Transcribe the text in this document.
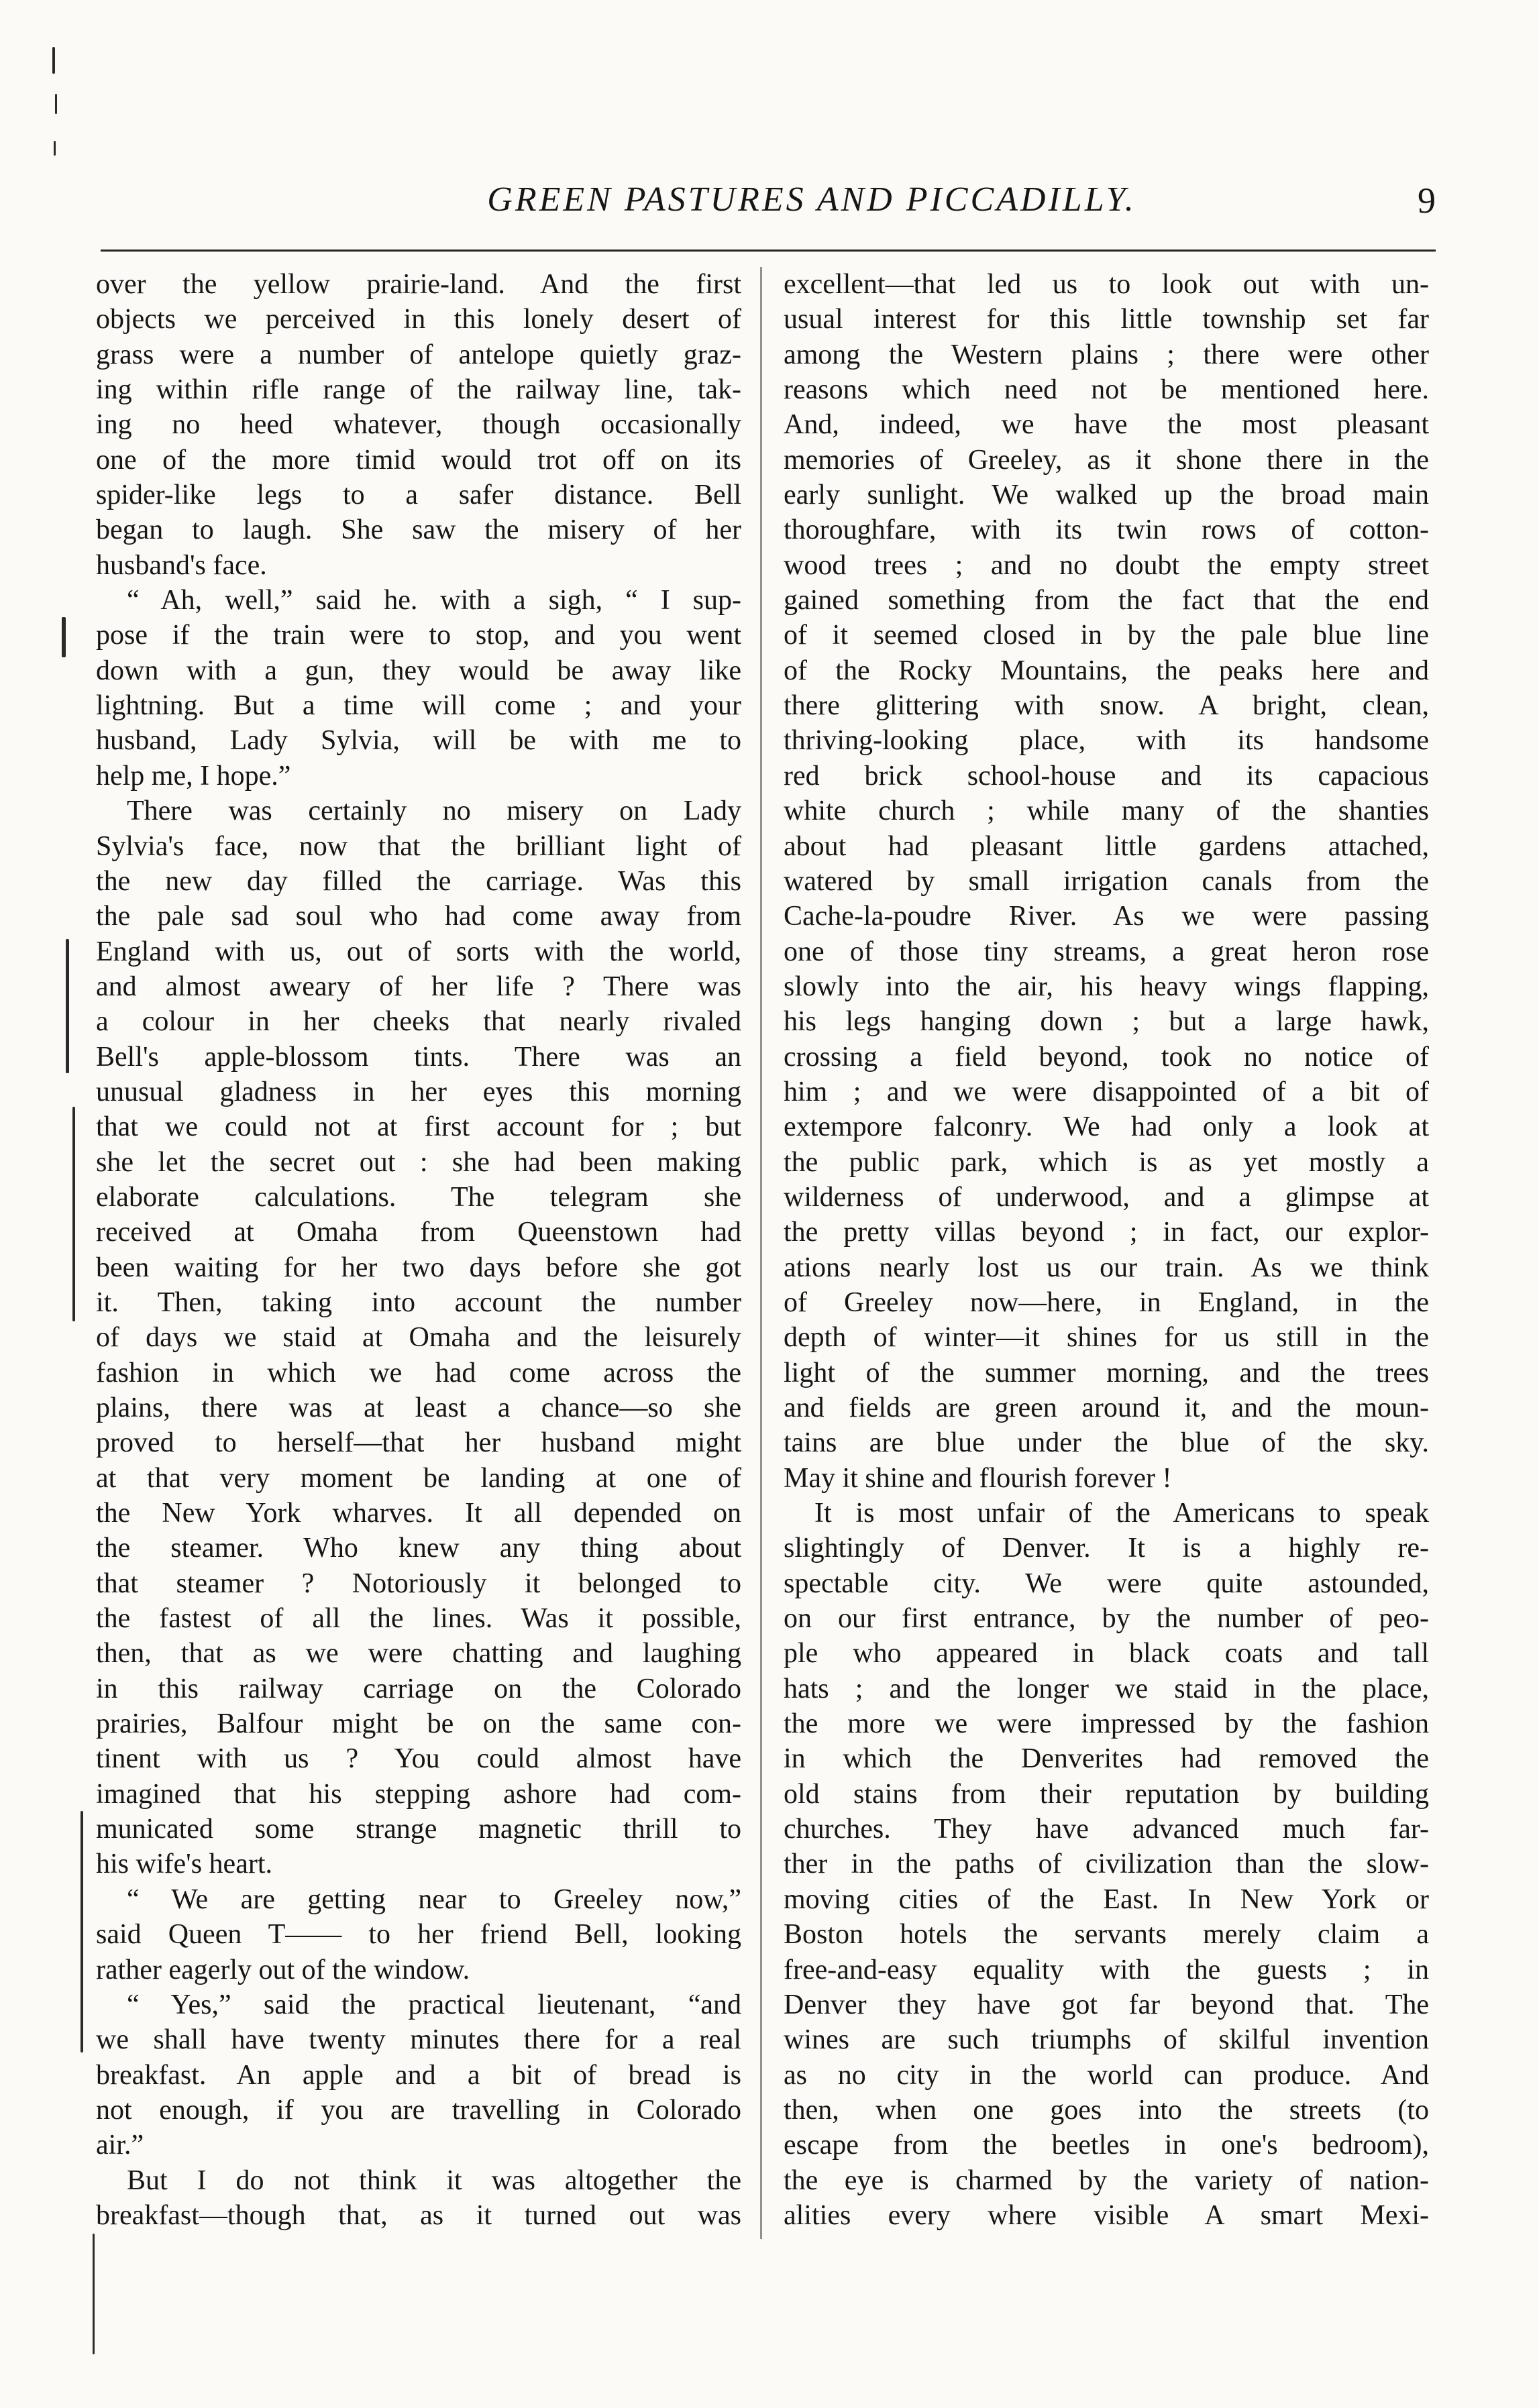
GREEN PASTURES AND PICCADILLY.	9
over the yellow prairie-land. And the first
objects we perceived in this lonely desert of
grass were a number of antelope quietly graz-
ing within rifle range of the railway line, tak-
ing no heed whatever, though occasionally
one of the more timid would trot off on its
spider-like legs to a safer distance. Bell
began to laugh. She saw the misery of her
husband's face.
“ Ah, well,” said he. with a sigh, “ I sup-
pose if the train were to stop, and you went
down with a gun, they would be away like
lightning. But a time will come ; and your
husband, Lady Sylvia, will be with me to
help me, I hope.”
There was certainly no misery on Lady
Sylvia's face, now that the brilliant light of
the new day filled the carriage. Was this
the pale sad soul who had come away from
England with us, out of sorts with the world,
and almost aweary of her life ? There was
a colour in her cheeks that nearly rivaled
Bell's apple-blossom tints. There was an
unusual gladness in her eyes this morning
that we could not at first account for ; but
she let the secret out : she had been making
elaborate calculations. The telegram she
received at Omaha from Queenstown had
been waiting for her two days before she got
it. Then, taking into account the number
of days we staid at Omaha and the leisurely
fashion in which we had come across the
plains, there was at least a chance—so she
proved to herself—that her husband might
at that very moment be landing at one of
the New York wharves. It all depended on
the steamer. Who knew any thing about
that steamer ? Notoriously it belonged to
the fastest of all the lines. Was it possible,
then, that as we were chatting and laughing
in this railway carriage on the Colorado
prairies, Balfour might be on the same con-
tinent with us ? You could almost have
imagined that his stepping ashore had com-
municated some strange magnetic thrill to
his wife's heart.
“ We are getting near to Greeley now,”
said Queen T—— to her friend Bell, looking
rather eagerly out of the window.
“ Yes,” said the practical lieutenant, “and
we shall have twenty minutes there for a real
breakfast. An apple and a bit of bread is
not enough, if you are travelling in Colorado
air.”
But I do not think it was altogether the
breakfast—though that, as it turned out was
excellent—that led us to look out with un-
usual interest for this little township set far
among the Western plains ; there were other
reasons which need not be mentioned here.
And, indeed, we have the most pleasant
memories of Greeley, as it shone there in the
early sunlight. We walked up the broad main
thoroughfare, with its twin rows of cotton-
wood trees ; and no doubt the empty street
gained something from the fact that the end
of it seemed closed in by the pale blue line
of the Rocky Mountains, the peaks here and
there glittering with snow. A bright, clean,
thriving-looking place, with its handsome
red brick school-house and its capacious
white church ; while many of the shanties
about had pleasant little gardens attached,
watered by small irrigation canals from the
Cache-la-poudre River. As we were passing
one of those tiny streams, a great heron rose
slowly into the air, his heavy wings flapping,
his legs hanging down ; but a large hawk,
crossing a field beyond, took no notice of
him ; and we were disappointed of a bit of
extempore falconry. We had only a look at
the public park, which is as yet mostly a
wilderness of underwood, and a glimpse at
the pretty villas beyond ; in fact, our explor-
ations nearly lost us our train. As we think
of Greeley now—here, in England, in the
depth of winter—it shines for us still in the
light of the summer morning, and the trees
and fields are green around it, and the moun-
tains are blue under the blue of the sky.
May it shine and flourish forever !
It is most unfair of the Americans to speak
slightingly of Denver. It is a highly re-
spectable city. We were quite astounded,
on our first entrance, by the number of peo-
ple who appeared in black coats and tall
hats ; and the longer we staid in the place,
the more we were impressed by the fashion
in which the Denverites had removed the
old stains from their reputation by building
churches. They have advanced much far-
ther in the paths of civilization than the slow-
moving cities of the East. In New York or
Boston hotels the servants merely claim a
free-and-easy equality with the guests ; in
Denver they have got far beyond that. The
wines are such triumphs of skilful invention
as no city in the world can produce. And
then, when one goes into the streets (to
escape from the beetles in one's bedroom),
the eye is charmed by the variety of nation-
alities every where visible A smart Mexi-
